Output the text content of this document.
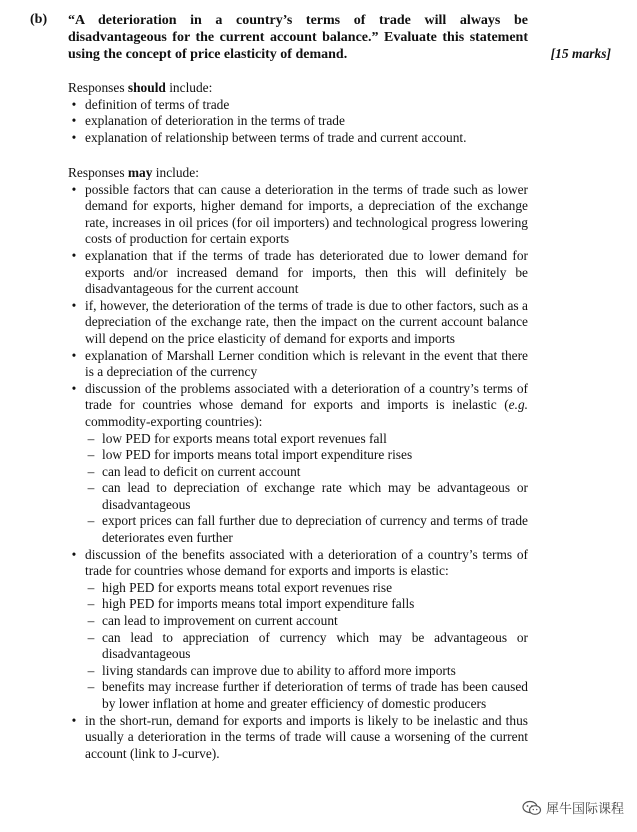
(b) “A deterioration in a country’s terms of trade will always be disadvantageous for the current account balance.” Evaluate this statement using the concept of price elasticity of demand.	[15 marks]

Responses should include:

• definition of terms of trade
• explanation of deterioration in the terms of trade
• explanation of relationship between terms of trade and current account.

Responses may include:

• possible factors that can cause a deterioration in the terms of trade such as lower demand for exports, higher demand for imports, a depreciation of the exchange rate, increases in oil prices (for oil importers) and technological progress lowering costs of production for certain exports
• explanation that if the terms of trade has deteriorated due to lower demand for exports and/or increased demand for imports, then this will definitely be disadvantageous for the current account
• if, however, the deterioration of the terms of trade is due to other factors, such as a depreciation of the exchange rate, then the impact on the current account balance will depend on the price elasticity of demand for exports and imports
• explanation of Marshall Lerner condition which is relevant in the event that there is a depreciation of the currency
• discussion of the problems associated with a deterioration of a country’s terms of trade for countries whose demand for exports and imports is inelastic (e.g. commodity-exporting countries):
– low PED for exports means total export revenues fall
– low PED for imports means total import expenditure rises
– can lead to deficit on current account
– can lead to depreciation of exchange rate which may be advantageous or disadvantageous
– export prices can fall further due to depreciation of currency and terms of trade deteriorates even further
• discussion of the benefits associated with a deterioration of a country’s terms of trade for countries whose demand for exports and imports is elastic:
– high PED for exports means total export revenues rise
– high PED for imports means total import expenditure falls
– can lead to improvement on current account
– can lead to appreciation of currency which may be advantageous or disadvantageous
– living standards can improve due to ability to afford more imports
– benefits may increase further if deterioration of terms of trade has been caused by lower inflation at home and greater efficiency of domestic producers
• in the short-run, demand for exports and imports is likely to be inelastic and thus usually a deterioration in the terms of trade will cause a worsening of the current account (link to J-curve).
犀牛国际课程
